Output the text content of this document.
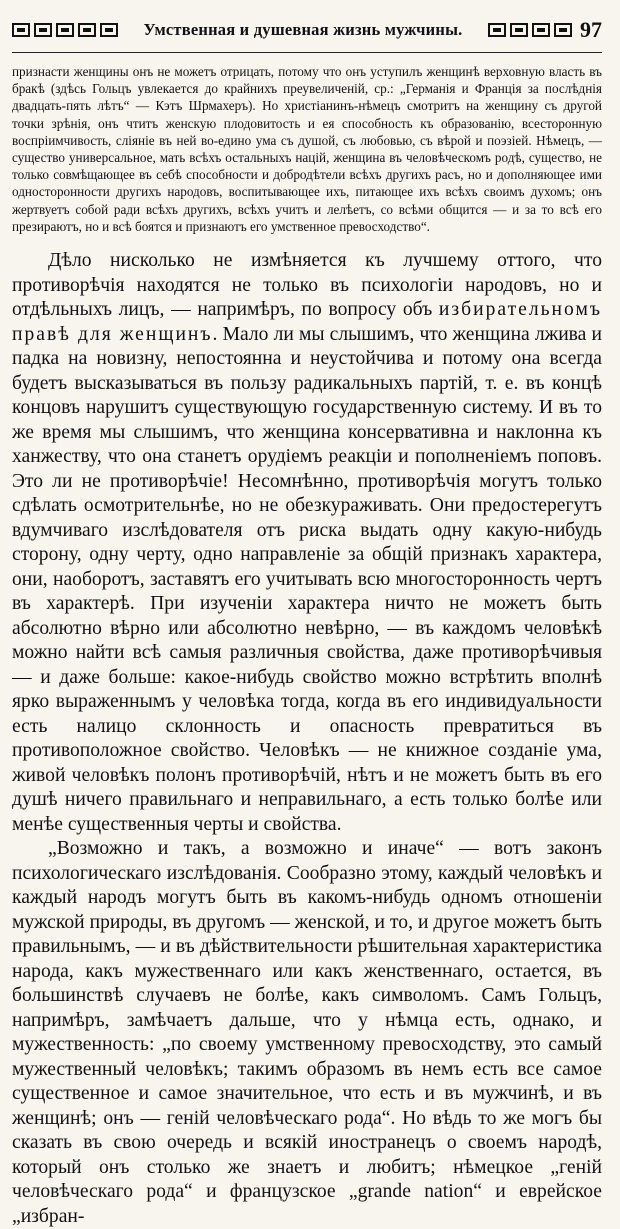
Умственная и душевная жизнь мужчины.	97
признасти женщины онъ не можетъ отрицать, потому что онъ уступилъ женщинѣ верховную власть въ бракѣ (здѣсь Гольцъ увлекается до крайнихъ преувеличенiй, ср.: „Германiя и Францiя за послѣднiя двадцать-пять лѣтъ“ — Кэтъ Шрмахеръ). Но христiанинъ-нѣмецъ смотритъ на женщину съ другой точки зрѣнiя, онъ чтитъ женскую плодовитость и ея способность къ образованiю, всесторонную воспрiимчивость, слiянiе въ ней во-едино ума съ душой, съ любовью, съ вѣрой и поэзiей. Нѣмецъ, — существо универсальное, мать всѣхъ остальныхъ нацiй, женщина въ человѣческомъ родѣ, существо, не только совмѣщающее въ себѣ способности и добродѣтели всѣхъ другихъ расъ, но и дополняющее ими односторонности другихъ народовъ, воспитывающее ихъ, питающее ихъ всѣхъ своимъ духомъ; онъ жертвуетъ собой ради всѣхъ другихъ, всѣхъ учитъ и лелѣетъ, со всѣми общится — и за то всѣ его презираютъ, но и всѣ боятся и признаютъ его умственное превосходство“.

Дѣло нисколько не измѣняется къ лучшему оттого, что противорѣчiя находятся не только въ психологiи народовъ, но и отдѣльныхъ лицъ, — напримѣръ, по вопросу объ избирательномъ правѣ для женщинъ. Мало ли мы слышимъ, что женщина лжива и падка на новизну, непостоянна и неустойчива и потому она всегда будетъ высказываться въ пользу радикальныхъ партiй, т. е. въ концѣ концовъ нарушитъ существующую государственную систему. И въ то же время мы слышимъ, что женщина консервативна и наклонна къ ханжеству, что она станетъ орудiемъ реакцiи и пополненiемъ поповъ. Это ли не противорѣчiе! Несомнѣнно, противорѣчiя могутъ только сдѣлать осмотрительнѣе, но не обезкураживать. Они предостерегутъ вдумчиваго изслѣдователя отъ риска выдать одну какую-нибудь сторону, одну черту, одно направленiе за общiй признакъ характера, они, наоборотъ, заставятъ его учитывать всю многосторонность чертъ въ характерѣ. При изученiи характера ничто не можетъ быть абсолютно вѣрно или абсолютно невѣрно, — въ каждомъ человѣкѣ можно найти всѣ самыя различныя свойства, даже противорѣчивыя — и даже больше: какое-нибудь свойство можно встрѣтить вполнѣ ярко выраженнымъ у человѣка тогда, когда въ его индивидуальности есть налицо склонность и опасность превратиться въ противоположное свойство. Человѣкъ — не книжное созданiе ума, живой человѣкъ полонъ противорѣчiй, нѣтъ и не можетъ быть въ его душѣ ничего правильнаго и неправильнаго, а есть только болѣе или менѣе существенныя черты и свойства.

„Возможно и такъ, а возможно и иначе“ — вотъ законъ психологическаго изслѣдованiя. Сообразно этому, каждый человѣкъ и каждый народъ могутъ быть въ какомъ-нибудь одномъ отношенiи мужской природы, въ другомъ — женской, и то, и другое можетъ быть правильнымъ, — и въ дѣйствительности рѣшительная характеристика народа, какъ мужественнаго или какъ женственнаго, остается, въ большинствѣ случаевъ не болѣе, какъ символомъ. Самъ Гольцъ, напримѣръ, замѣчаетъ дальше, что у нѣмца есть, однако, и мужественность: „по своему умственному превосходству, это самый мужественный человѣкъ; такимъ образомъ въ немъ есть все самое существенное и самое значительное, что есть и въ мужчинѣ, и въ женщинѣ; онъ — генiй человѣческаго рода“. Но вѣдь то же могъ бы сказать въ свою очередь и всякiй иностранецъ о своемъ народѣ, который онъ столько же знаетъ и любитъ; нѣмецкое „генiй человѣческаго рода“ и французское „grande nation“ и еврейское „избран-
